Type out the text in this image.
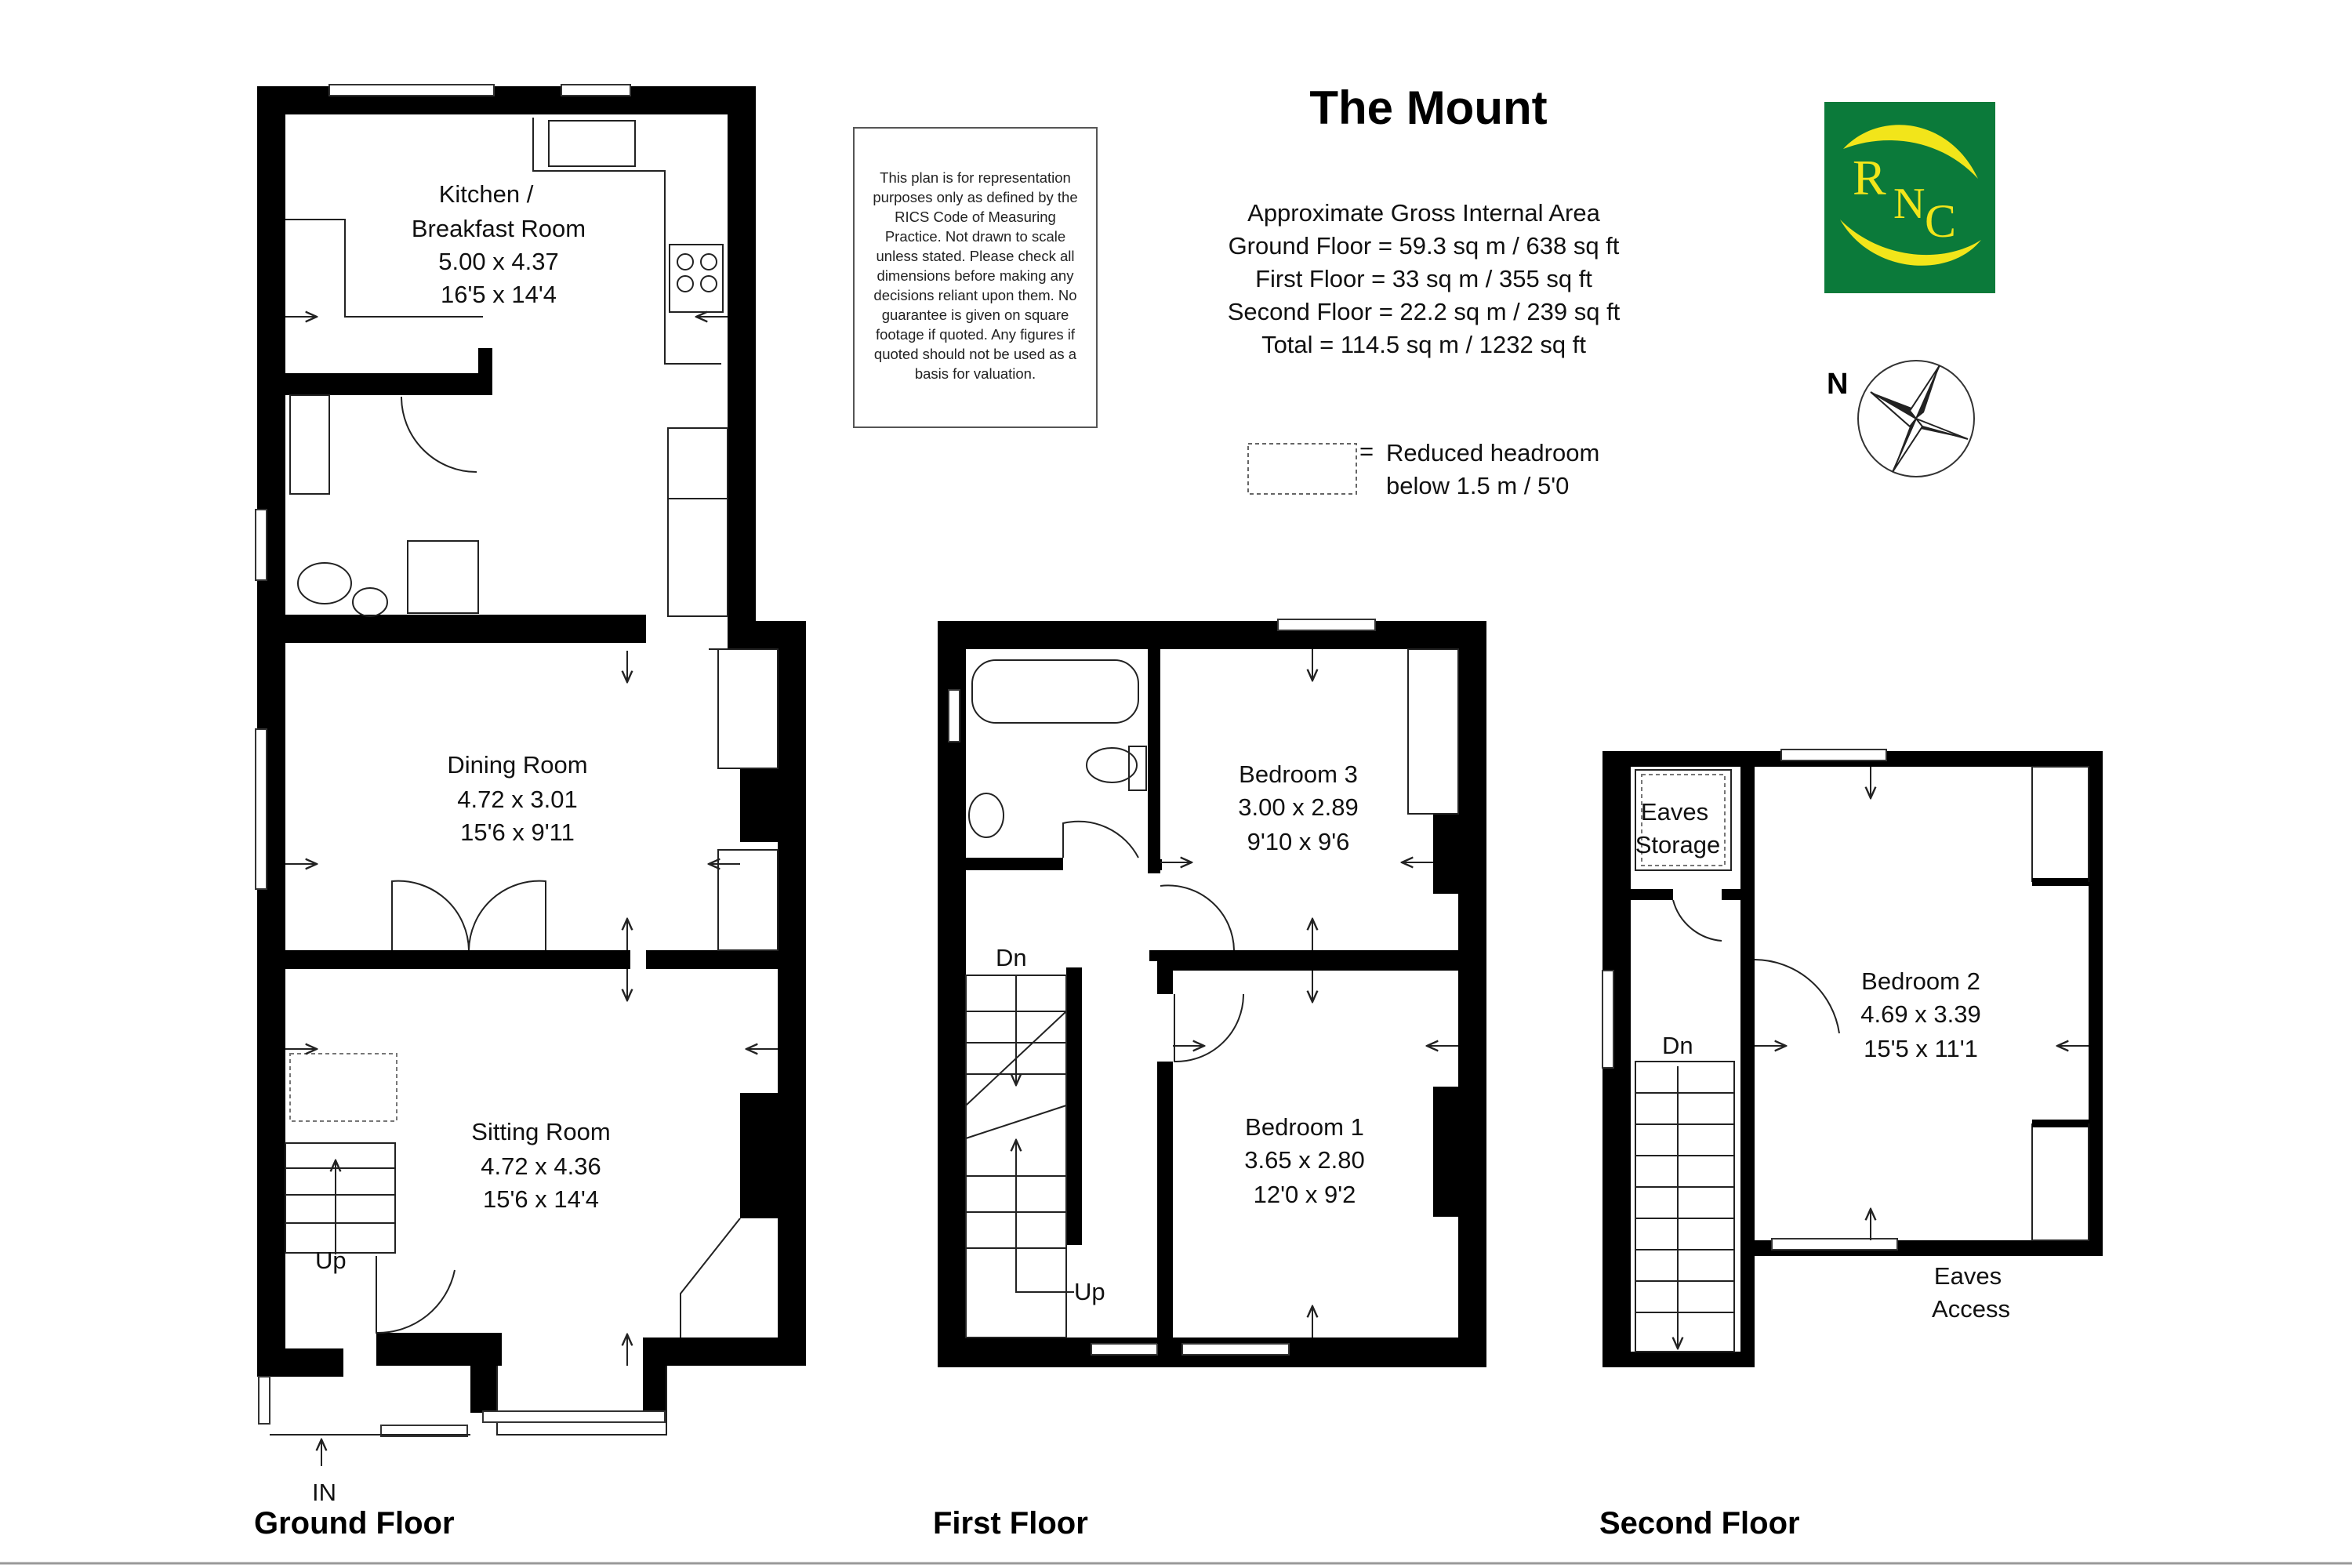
The Mount
Approximate Gross Internal Area
Ground Floor = 59.3 sq m / 638 sq ft
First Floor = 33 sq m / 355 sq ft
Second Floor = 22.2 sq m / 239 sq ft
Total = 114.5 sq m / 1232 sq ft
= Reduced headroom
below 1.5 m / 5'0
N
Kitchen /
Breakfast Room
5.00 x 4.37
16'5 x 14'4
Dining Room
4.72 x 3.01
15'6 x 9'11
Sitting Room
4.72 x 4.36
15'6 x 14'4
Up
IN
Ground Floor
Bedroom 3
3.00 x 2.89
9'10 x 9'6
Bedroom 1
3.65 x 2.80
12'0 x 9'2
Dn
Up
First Floor
Eaves
Storage
Bedroom 2
4.69 x 3.39
15'5 x 11'1
Dn
Eaves
Access
Second Floor
This plan is for representation purposes only as defined by the RICS Code of Measuring Practice. Not drawn to scale unless stated. Please check all dimensions before making any decisions reliant upon them. No guarantee is given on square footage if quoted. Any figures if quoted should not be used as a basis for valuation.
R N C
